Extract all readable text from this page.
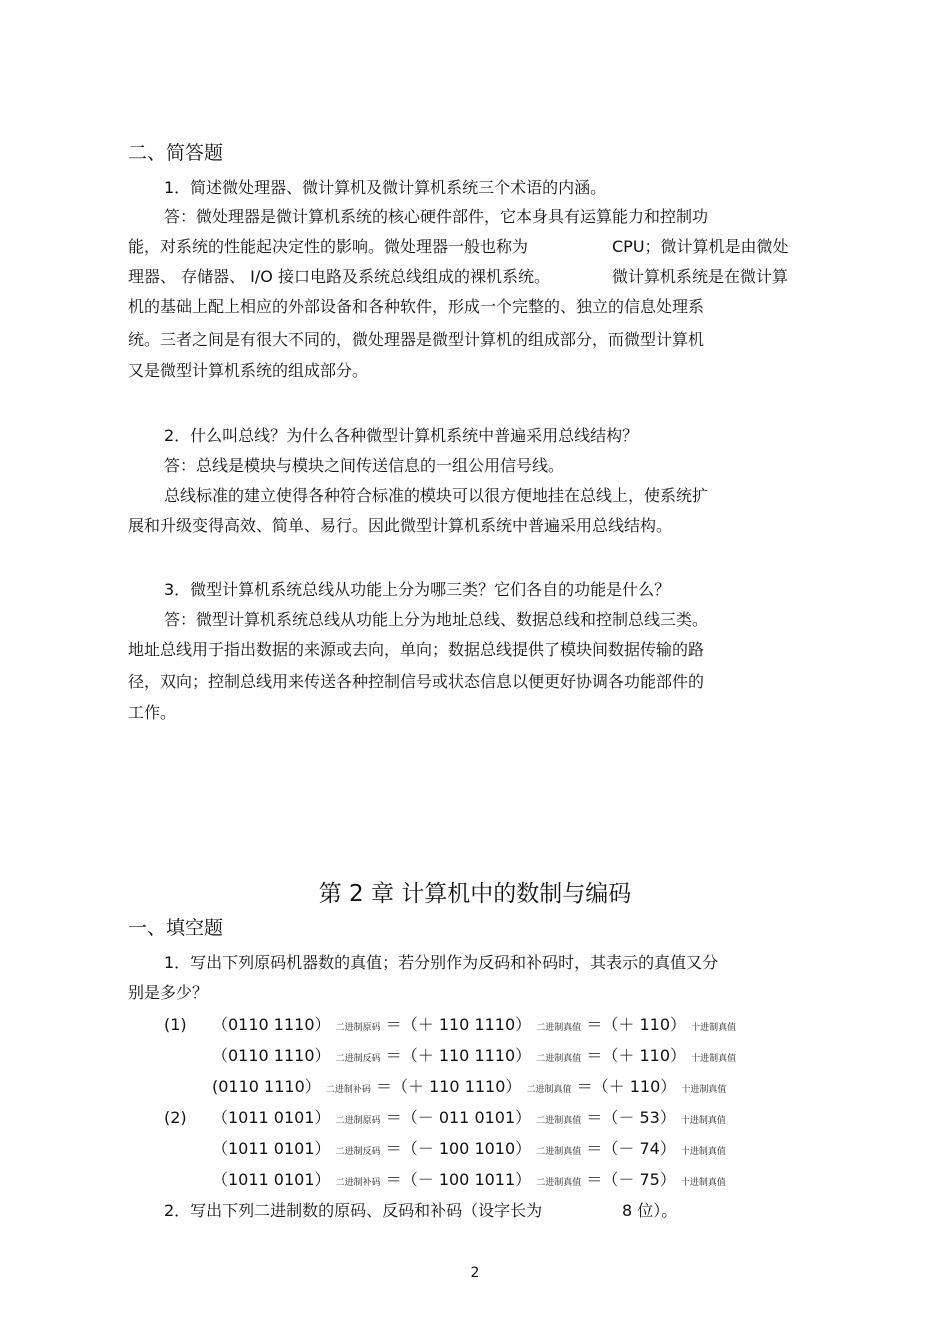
二、简答题
1．简述微处理器、微计算机及微计算机系统三个术语的内涵。
答：微处理器是微计算机系统的核心硬件部件，它本身具有运算能力和控制功
能，对系统的性能起决定性的影响。微处理器一般也称为	CPU；微计算机是由微处
理器、 存储器、 I/O 接口电路及系统总线组成的裸机系统。	微计算机系统是在微计算
机的基础上配上相应的外部设备和各种软件，形成一个完整的、独立的信息处理系
统。三者之间是有很大不同的，微处理器是微型计算机的组成部分，而微型计算机
又是微型计算机系统的组成部分。
2．什么叫总线？为什么各种微型计算机系统中普遍采用总线结构？
答：总线是模块与模块之间传送信息的一组公用信号线。
总线标准的建立使得各种符合标准的模块可以很方便地挂在总线上，使系统扩
展和升级变得高效、简单、易行。因此微型计算机系统中普遍采用总线结构。
3．微型计算机系统总线从功能上分为哪三类？它们各自的功能是什么？
答：微型计算机系统总线从功能上分为地址总线、数据总线和控制总线三类。
地址总线用于指出数据的来源或去向，单向；数据总线提供了模块间数据传输的路
径，双向；控制总线用来传送各种控制信号或状态信息以便更好协调各功能部件的
工作。
第 2 章 计算机中的数制与编码
一、填空题
1．写出下列原码机器数的真值；若分别作为反码和补码时，其表示的真值又分
别是多少？
(1) （0110 1110） 二进制原码 ＝（＋ 110 1110） 二进制真值 ＝（＋ 110） 十进制真值
（0110 1110） 二进制反码 ＝（＋ 110 1110） 二进制真值 ＝（＋ 110） 十进制真值
(0110 1110） 二进制补码 ＝（＋ 110 1110） 二进制真值 ＝（＋ 110） 十进制真值
(2) （1011 0101） 二进制原码 ＝（－ 011 0101） 二进制真值 ＝（－ 53） 十进制真值
（1011 0101） 二进制反码 ＝（－ 100 1010） 二进制真值 ＝（－ 74） 十进制真值
（1011 0101） 二进制补码 ＝（－ 100 1011） 二进制真值 ＝（－ 75） 十进制真值
2．写出下列二进制数的原码、反码和补码（设字长为	8 位）。
2
